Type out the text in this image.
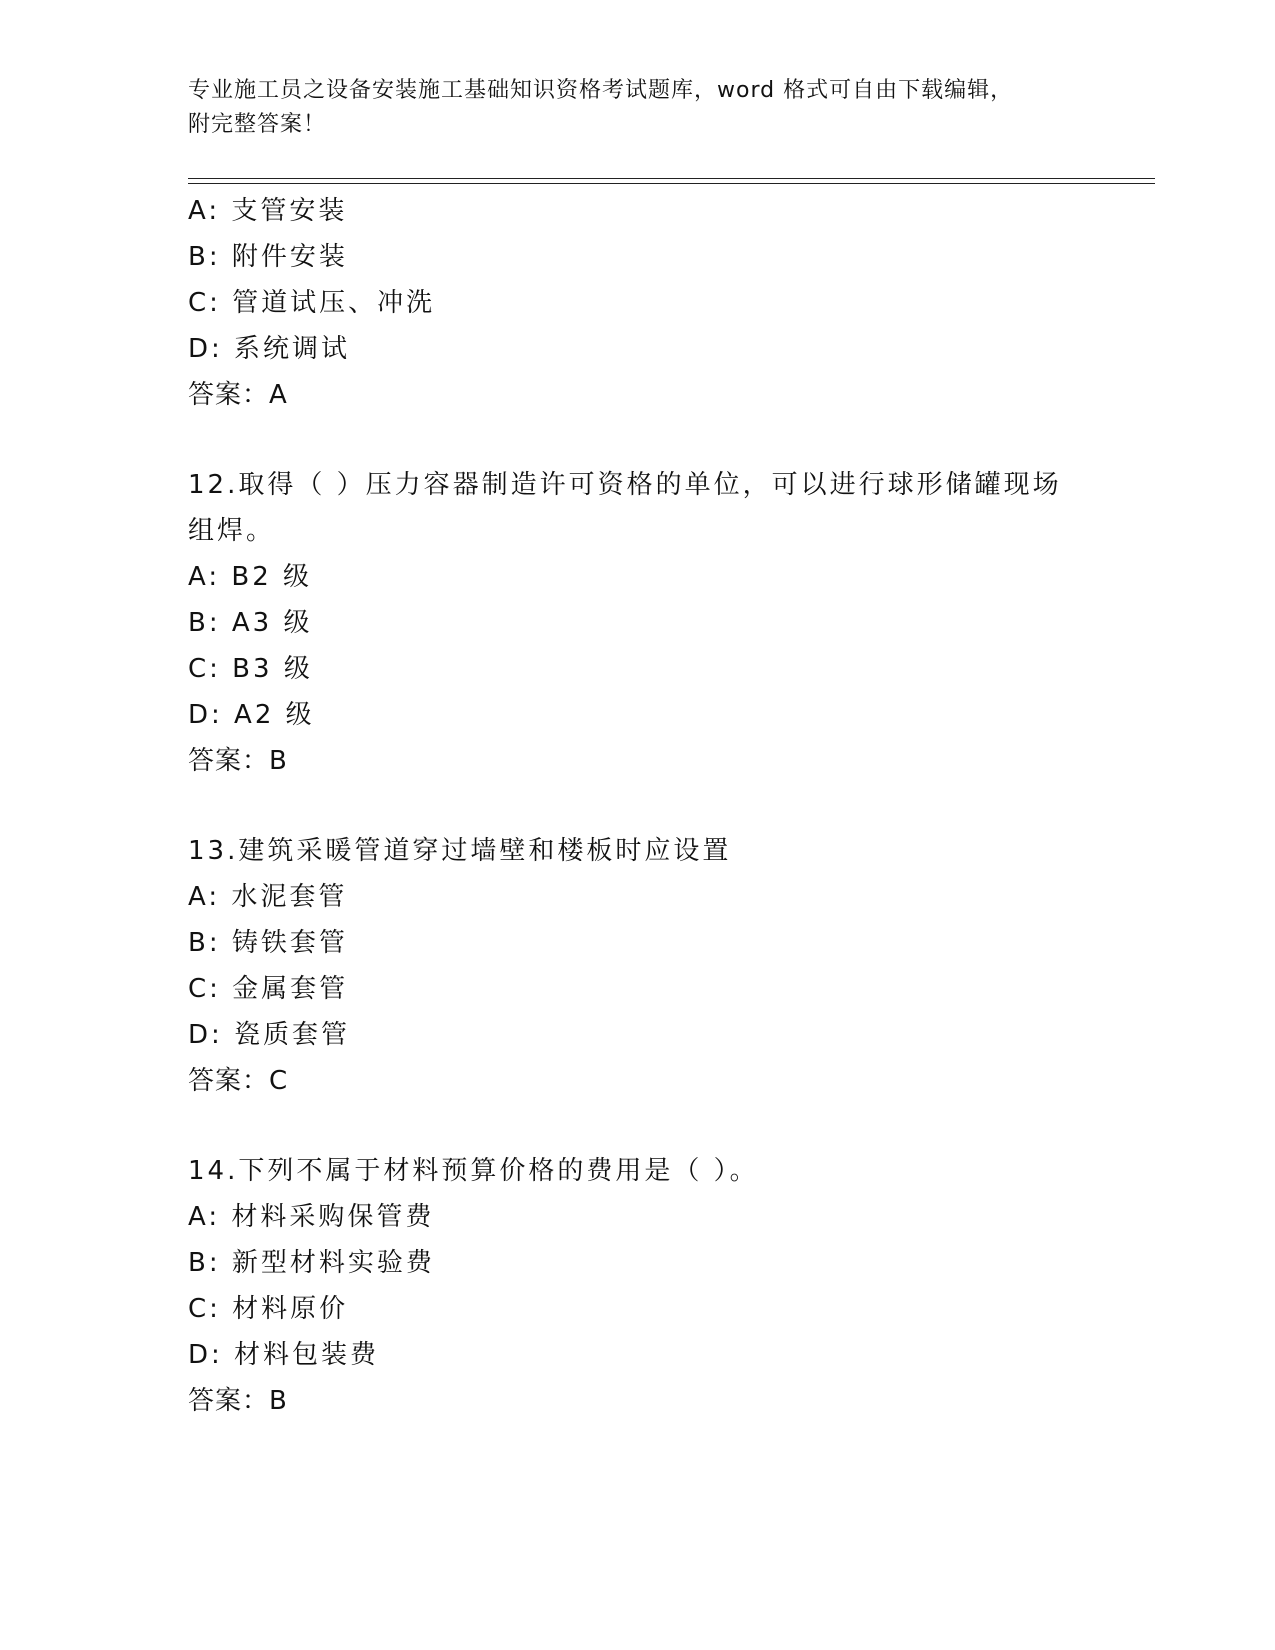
专业施工员之设备安装施工基础知识资格考试题库，word 格式可自由下载编辑，
附完整答案！
A: 支管安装
B: 附件安装
C: 管道试压、冲洗
D: 系统调试
答案：A
12.取得（ ）压力容器制造许可资格的单位，可以进行球形储罐现场
组焊。
A: B2 级
B: A3 级
C: B3 级
D: A2 级
答案：B
13.建筑采暖管道穿过墙壁和楼板时应设置
A: 水泥套管
B: 铸铁套管
C: 金属套管
D: 瓷质套管
答案：C
14.下列不属于材料预算价格的费用是（ ）。
A: 材料采购保管费
B: 新型材料实验费
C: 材料原价
D: 材料包装费
答案：B
